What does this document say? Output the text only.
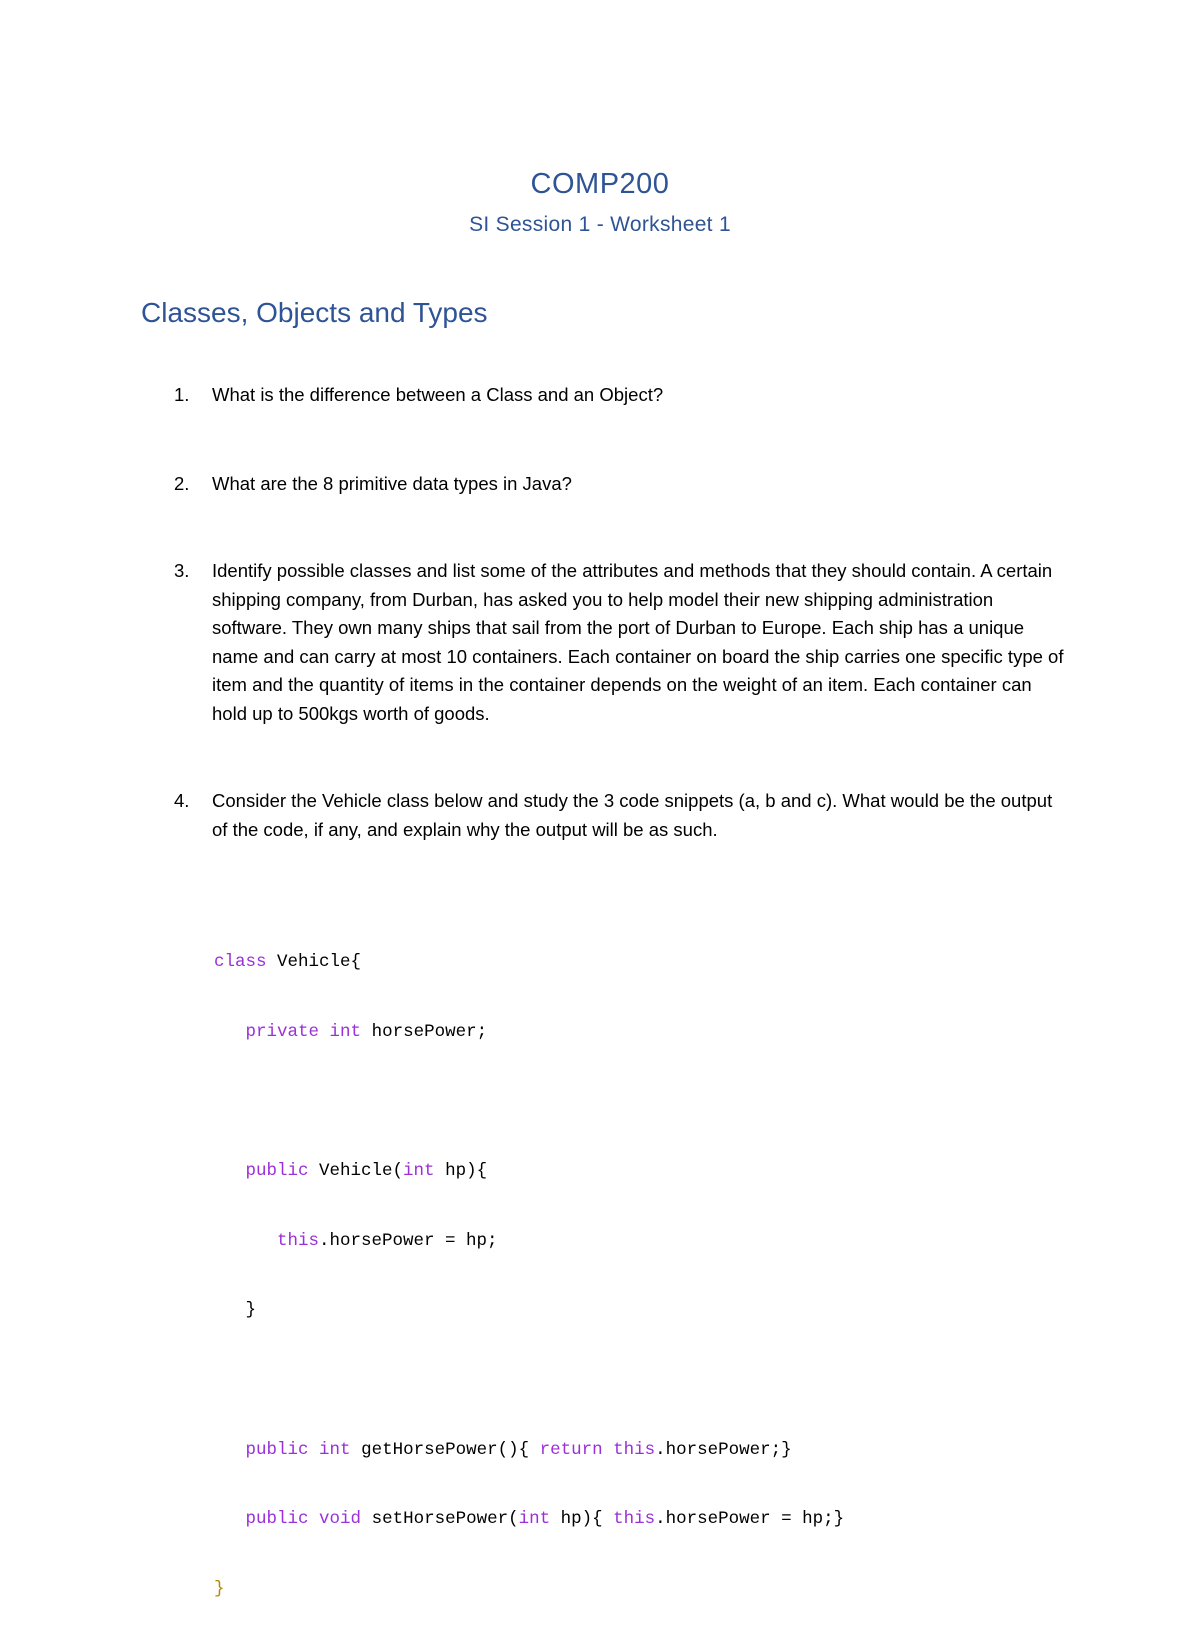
COMP200
SI Session 1 - Worksheet 1
Classes, Objects and Types
1.	What is the difference between a Class and an Object?
2.	What are the 8 primitive data types in Java?
3.	Identify possible classes and list some of the attributes and methods that they should contain. A certain shipping company, from Durban, has asked you to help model their new shipping administration software. They own many ships that sail from the port of Durban to Europe. Each ship has a unique name and can carry at most 10 containers. Each container on board the ship carries one specific type of item and the quantity of items in the container depends on the weight of an item. Each container can hold up to 500kgs worth of goods.
4.	Consider the Vehicle class below and study the 3 code snippets (a, b and c). What would be the output of the code, if any, and explain why the output will be as such.

class Vehicle{

private int horsePower;

public Vehicle(int hp){

this.horsePower = hp;

}

public int getHorsePower(){ return this.horsePower;}

public void setHorsePower(int hp){ this.horsePower = hp;}

}
